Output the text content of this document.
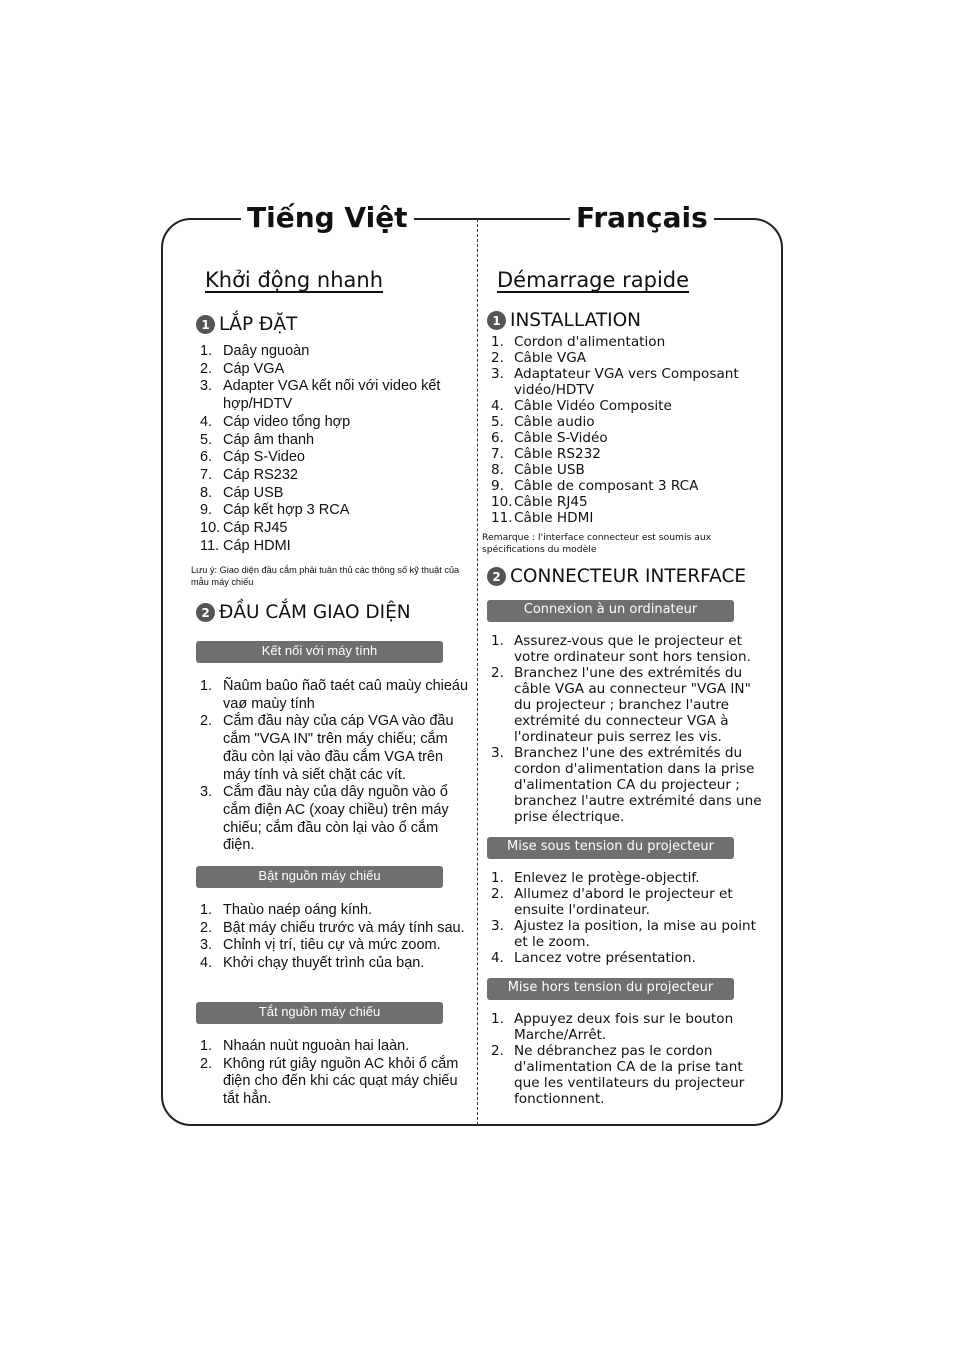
Tiếng Việt	Français
Khởi động nhanh
1 LẮP ĐẶT
1. Daây nguoàn
2. Cáp VGA
3. Adapter VGA kết nối với video kết hợp/HDTV
4. Cáp video tổng hợp
5. Cáp âm thanh
6. Cáp S-Video
7. Cáp RS232
8. Cáp USB
9. Cáp kết hợp 3 RCA
10. Cáp RJ45
11. Cáp HDMI
Lưu ý: Giao diện đầu cắm phải tuân thủ các thông số kỹ thuật của mẫu máy chiếu
2 ĐẦU CẮM GIAO DIỆN
Kết nối với máy tính
1. Ñaûm baûo ñaõ taét caû maùy chieáu vaø maùy tính
2. Cắm đầu này của cáp VGA vào đầu cắm "VGA IN" trên máy chiếu; cắm đầu còn lại vào đầu cắm VGA trên máy tính và siết chặt các vít.
3. Cắm đầu này của dây nguồn vào ổ cắm điện AC (xoay chiều) trên máy chiếu; cắm đầu còn lại vào ổ cắm điện.
Bật nguồn máy chiếu
1. Thaùo naép oáng kính.
2. Bật máy chiếu trước và máy tính sau.
3. Chỉnh vị trí, tiêu cự và mức zoom.
4. Khởi chạy thuyết trình của bạn.
Tắt nguồn máy chiếu
1. Nhaán nuùt nguoàn hai laàn.
2. Không rút giây nguồn AC khỏi ổ cắm điện cho đến khi các quạt máy chiếu tắt hẳn.
Démarrage rapide
1 INSTALLATION
1. Cordon d'alimentation
2. Câble VGA
3. Adaptateur VGA vers Composant vidéo/HDTV
4. Câble Vidéo Composite
5. Câble audio
6. Câble S-Vidéo
7. Câble RS232
8. Câble USB
9. Câble de composant 3 RCA
10. Câble RJ45
11. Câble HDMI
Remarque : l'interface connecteur est soumis aux spécifications du modèle
2 CONNECTEUR INTERFACE
Connexion à un ordinateur
1. Assurez-vous que le projecteur et votre ordinateur sont hors tension.
2. Branchez l'une des extrémités du câble VGA au connecteur "VGA IN" du projecteur ; branchez l'autre extrémité du connecteur VGA à l'ordinateur puis serrez les vis.
3. Branchez l'une des extrémités du cordon d'alimentation dans la prise d'alimentation CA du projecteur ; branchez l'autre extrémité dans une prise électrique.
Mise sous tension du projecteur
1. Enlevez le protège-objectif.
2. Allumez d'abord le projecteur et ensuite l'ordinateur.
3. Ajustez la position, la mise au point et le zoom.
4. Lancez votre présentation.
Mise hors tension du projecteur
1. Appuyez deux fois sur le bouton Marche/Arrêt.
2. Ne débranchez pas le cordon d'alimentation CA de la prise tant que les ventilateurs du projecteur fonctionnent.
